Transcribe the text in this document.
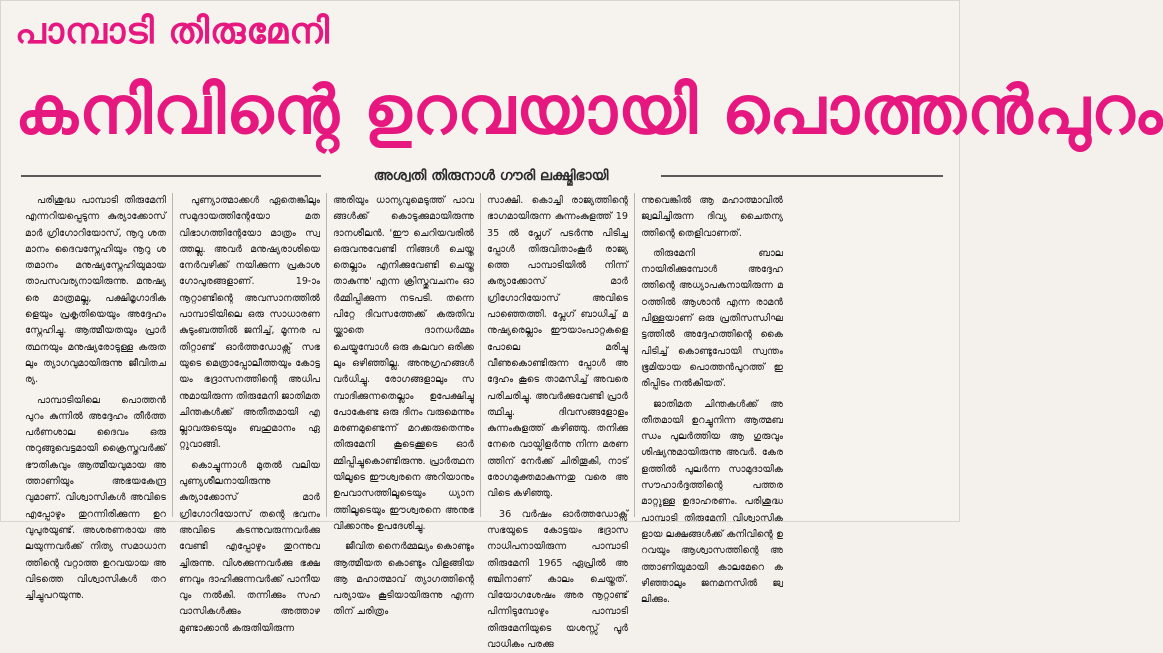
പാമ്പാടി തിരുമേനി
കനിവിന്റെ ഉറവയായി പൊത്തൻപുറം
അശ്വതി തിരുനാൾ ഗൗരി ലക്ഷ്മിഭായി

പരിശുദ്ധ പാമ്പാടി തിരുമേനി എന്നറിയപ്പെടുന്ന കുര്യാക്കോസ് മാർ ഗ്രിഗോറിയോസ്, നൂറു ശതമാനം ദൈവസ്നേഹിയും നൂറു ശതമാനം മനുഷ്യസ്നേഹിയുമായ താപസവര്യനായിരുന്നു. മനുഷ്യരെ മാത്രമല്ല, പക്ഷിമൃഗാദികളെയും പ്രകൃതിയെയും അദ്ദേഹം സ്നേഹിച്ചു. ആത്മീയതയും പ്രാർത്ഥനയും മനുഷ്യരോടുള്ള കരുതലും ത്യാഗവുമായിരുന്നു ജീവിതചര്യ.

പാമ്പാടിയിലെ പൊത്തൻപുറം കുന്നിൽ അദ്ദേഹം തീർത്ത പർണശാല ദൈവം ഒരു നുറുങ്ങുവെട്ടമായി ക്രൈസ്തവർക്ക് ഭൗതികവും ആത്മീയവുമായ അത്താണിയും അഭയകേന്ദ്രവുമാണ്. വിശ്വാസികൾ അവിടെ എപ്പോഴും തുറന്നിരിക്കുന്ന ഉറവുപുരയുണ്ട്. അശരണരായ അലയുന്നവർക്ക് നിത്യ സമാധാനത്തിന്റെ വറ്റാത്ത ഉറവയായ അവിടത്തെ വിശ്വാസികൾ തറച്ചിച്ചുപറയുന്നു.

പുണ്യാത്മാക്കൾ ഏതെങ്കിലും സമുദായത്തിന്റേയോ മത വിഭാഗത്തിന്റേയോ മാത്രം സ്വത്തല്ല. അവർ മനുഷ്യരാശിയെ നേർവഴിക്ക് നയിക്കുന്ന പ്രകാശഗോപുരങ്ങളാണ്. 19-ാം നൂറ്റാണ്ടിന്റെ അവസാനത്തിൽ പാമ്പാടിയിലെ ഒരു സാധാരണ കുടുംബത്തിൽ ജനിച്ച്, മൂന്നര പതിറ്റാണ്ട് ഓർത്തഡോക്സ് സഭയുടെ മെത്രാപ്പോലീത്തയും കോട്ടയം ഭദ്രാസനത്തിന്റെ അധിപനുമായിരുന്ന തിരുമേനി ജാതിമത ചിന്തകൾക്ക് അതീതമായി എല്ലാവരുടെയും ബഹുമാനം ഏറ്റുവാങ്ങി.

കൊച്ചുന്നാൾ മുതൽ വലിയ പുണ്യശീലനായിരുന്നു കുര്യാക്കോസ് മാർ ഗ്രിഗോറിയോസ് തന്റെ ഭവനം അവിടെ കടന്നുവരുന്നവർക്കു വേണ്ടി എപ്പോഴും തുറന്നുവച്ചിരുന്നു. വിശക്കുന്നവർക്കു ഭക്ഷണവും ദാഹിക്കുന്നവർക്ക് പാനീയവും നൽകി. തന്നിക്കും സഹവാസികൾക്കും അത്താഴമുണ്ടാക്കാൻ കരുതിയിരുന്ന

അരിയും ധാന്യവുമെടുത്ത് പാവങ്ങൾക്ക് കൊടുക്കുമായിരുന്നു ദാനശീലൻ. 'ഈ ചെറിയവരിൽ ഒരുവനുവേണ്ടി നിങ്ങൾ ചെയ്തതെല്ലാം എനിക്കുവേണ്ടി ചെയ്തതാകുന്നു' എന്ന ക്രിസ്തുവചനം ഓർമ്മിപ്പിക്കുന്ന നടപടി. തന്നെ പിറ്റേ ദിവസത്തേക്ക് കരുതിവയ്ക്കാതെ ദാനധർമ്മം ചെയ്യുമ്പോൾ ഒരു കലവറ ഒരിക്കലും ഒഴിഞ്ഞില്ല. അനുഗ്രഹങ്ങൾ വർധിച്ചു. രോഗങ്ങളാലും സമ്പാദിക്കുന്നതെല്ലാം ഉപേക്ഷിച്ചു പോകേണ്ട ഒരു ദിനം വരുമെന്നും മരണമുണ്ടെന്ന് മറക്കരുതെന്നും തിരുമേനി കൂടെക്കൂടെ ഓർമ്മിപ്പിച്ചുകൊണ്ടിരുന്നു. പ്രാർത്ഥനയിലൂടെ ഈശ്വരനെ അറിയാനും ഉപവാസത്തിലൂടെയും ധ്യാനത്തിലൂടെയും ഈശ്വരനെ അനുഭവിക്കാനും ഉപദേശിച്ചു.

ജീവിത നൈർമ്മല്യം കൊണ്ടും ആത്മീയത കൊണ്ടും വിളങ്ങിയ ആ മഹാത്മാവ് ത്യാഗത്തിന്റെ പര്യായം കൂടിയായിരുന്നു എന്നതിന് ചരിത്രം

സാക്ഷി. കൊച്ചി രാജ്യത്തിന്റെ ഭാഗമായിരുന്ന കുന്നംകുളത്ത് 1935 ൽ പ്ലേഗ് പടർന്നു പിടിച്ചപ്പോൾ തിരുവിതാംകൂർ രാജ്യത്തെ പാമ്പാടിയിൽ നിന്ന് കുര്യാക്കോസ് മാർ ഗ്രിഗോറിയോസ് അവിടെ പാഞ്ഞെത്തി. പ്ലേഗ് ബാധിച്ച് മനുഷ്യരെല്ലാം ഈയാംപാറ്റകളെ പോലെ മരിച്ചു വീണുകൊണ്ടിരുന്ന പ്പോൾ അദ്ദേഹം കൂടെ താമസിച്ച് അവരെ പരിചരിച്ചു. അവർക്കുവേണ്ടി പ്രാർത്ഥിച്ചു. ദിവസങ്ങളോളം കുന്നംകുളത്ത് കഴിഞ്ഞു. തനിക്കു നേരെ വായ്പിളർന്നു നിന്ന മരണത്തിന് നേർക്ക് ചിരിതൂകി, നാട് രോഗമുക്തമാകുന്നതു വരെ അവിടെ കഴിഞ്ഞു.

36 വർഷം ഓർത്തഡോക്സ് സഭയുടെ കോട്ടയം ഭദ്രാസനാധിപനായിരുന്ന പാമ്പാടി തിരുമേനി 1965 ഏപ്രിൽ അഞ്ചിനാണ് കാലം ചെയ്തത്. വിയോഗശേഷം അര നൂറ്റാണ്ട് പിന്നിടുമ്പോഴും പാമ്പാടി തിരുമേനിയുടെ യശസ്സ് പൂർവാധികം പരക്കു

ന്നുവെങ്കിൽ ആ മഹാത്മാവിൽ ജ്വലിച്ചിരുന്ന ദിവ്യ ചൈതന്യത്തിന്റെ തെളിവാണത്.

തിരുമേനി ബാലനായിരിക്കുമ്പോൾ അദ്ദേഹത്തിന്റെ അധ്യാപകനായിരുന്ന മഠത്തിൽ ആശാൻ എന്ന രാമൻപിള്ളയാണ് ഒരു പ്രതിസന്ധിഘട്ടത്തിൽ അദ്ദേഹത്തിന്റെ കൈ പിടിച്ച് കൊണ്ടുപോയി സ്വന്തം ഭൂമിയായ പൊത്തൻപുറത്ത് ഇരിപ്പിടം നൽകിയത്.

ജാതിമത ചിന്തകൾക്ക് അതീതമായി ഉറച്ചുനിന്ന ആത്മബന്ധം പുലർത്തിയ ആ ഗുരുവും ശിഷ്യനുമായിരുന്നു അവർ. കേരളത്തിൽ പുലർന്ന സാമുദായിക സൗഹാർദ്ദത്തിന്റെ പത്തരമാറ്റുള്ള ഉദാഹരണം. പരിശുദ്ധ പാമ്പാടി തിരുമേനി വിശ്വാസികളായ ലക്ഷങ്ങൾക്ക് കനിവിന്റെ ഉറവയും ആശ്വാസത്തിന്റെ അത്താണിയുമായി കാലമേറെ കഴിഞ്ഞാലും ജനമനസിൽ ജ്വലിക്കും.
